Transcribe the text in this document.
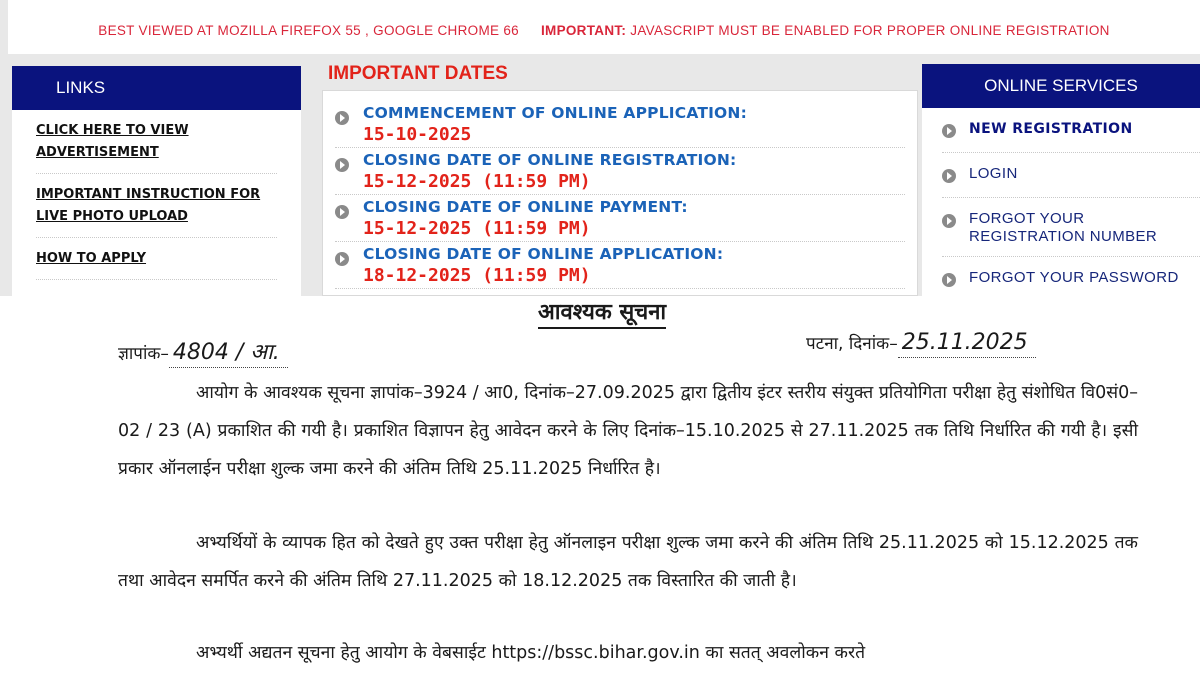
BEST VIEWED AT MOZILLA FIREFOX 55 , GOOGLE CHROME 66 IMPORTANT: JAVASCRIPT MUST BE ENABLED FOR PROPER ONLINE REGISTRATION
LINKS
CLICK HERE TO VIEW ADVERTISEMENT
IMPORTANT INSTRUCTION FOR LIVE PHOTO UPLOAD
HOW TO APPLY
IMPORTANT DATES
COMMENCEMENT OF ONLINE APPLICATION:
15-10-2025
CLOSING DATE OF ONLINE REGISTRATION:
15-12-2025 (11:59 PM)
CLOSING DATE OF ONLINE PAYMENT:
15-12-2025 (11:59 PM)
CLOSING DATE OF ONLINE APPLICATION:
18-12-2025 (11:59 PM)
ONLINE SERVICES
NEW REGISTRATION
LOGIN
FORGOT YOUR REGISTRATION NUMBER
FORGOT YOUR PASSWORD
आवश्यक सूचना
ज्ञापांक– 4804 / आ.	पटना, दिनांक– 25.11.2025

आयोग के आवश्यक सूचना ज्ञापांक–3924 / आ0, दिनांक–27.09.2025 द्वारा द्वितीय इंटर स्तरीय संयुक्त प्रतियोगिता परीक्षा हेतु संशोधित वि0सं0–02 / 23 (A) प्रकाशित की गयी है। प्रकाशित विज्ञापन हेतु आवेदन करने के लिए दिनांक–15.10.2025 से 27.11.2025 तक तिथि निर्धारित की गयी है। इसी प्रकार ऑनलाईन परीक्षा शुल्क जमा करने की अंतिम तिथि 25.11.2025 निर्धारित है।

अभ्यर्थियों के व्यापक हित को देखते हुए उक्त परीक्षा हेतु ऑनलाइन परीक्षा शुल्क जमा करने की अंतिम तिथि 25.11.2025 को 15.12.2025 तक तथा आवेदन समर्पित करने की अंतिम तिथि 27.11.2025 को 18.12.2025 तक विस्तारित की जाती है।

अभ्यर्थी अद्यतन सूचना हेतु आयोग के वेबसाईट https://bssc.bihar.gov.in का सतत् अवलोकन करते
